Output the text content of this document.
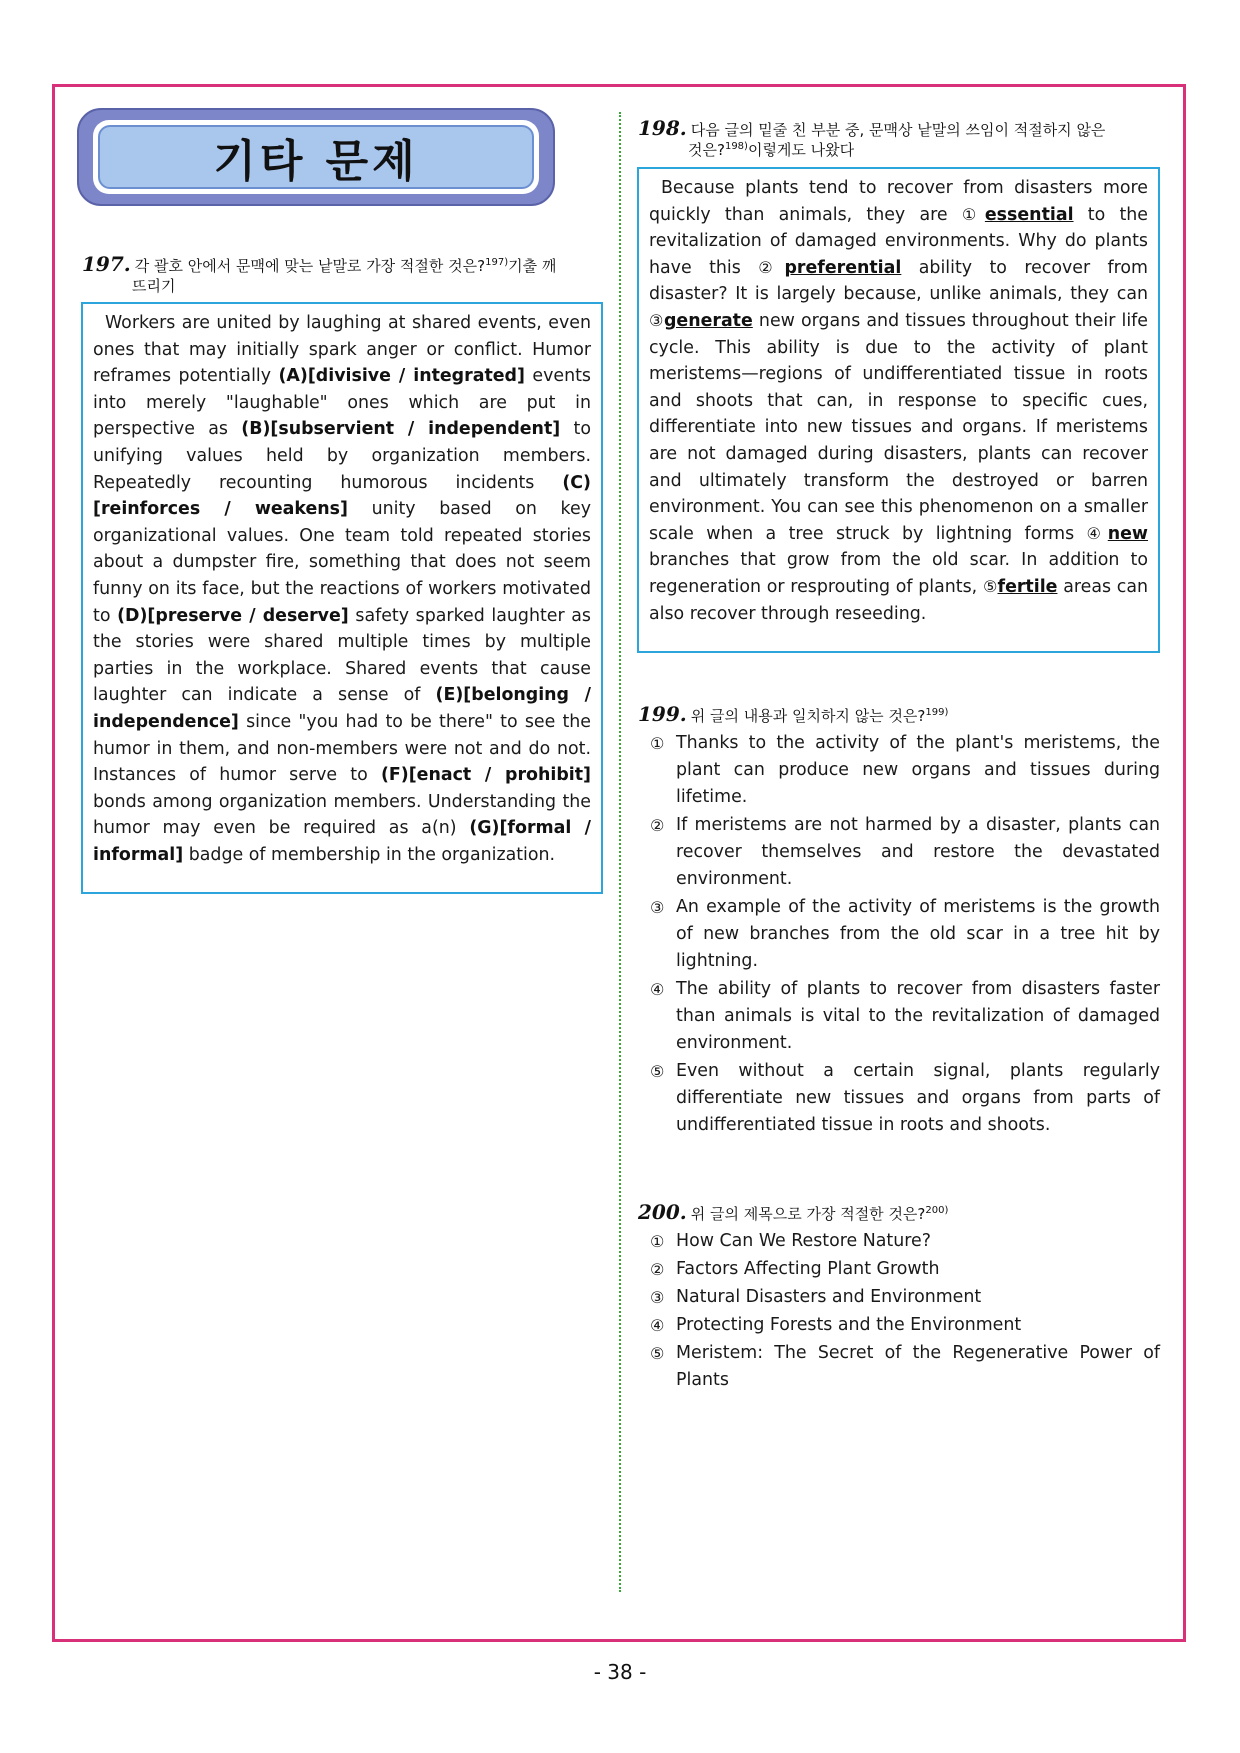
기타 문제
197. 각 괄호 안에서 문맥에 맞는 낱말로 가장 적절한 것은?$^{197)}$기출 깨
뜨리기

Workers are united by laughing at shared events, even ones that may initially spark anger or conflict. Humor reframes potentially (A)[divisive / integrated] events into merely "laughable" ones which are put in perspective as (B)[subservient / independent] to unifying values held by organization members. Repeatedly recounting humorous incidents (C)[reinforces / weakens] unity based on key organizational values. One team told repeated stories about a dumpster fire, something that does not seem funny on its face, but the reactions of workers motivated to (D)[preserve / deserve] safety sparked laughter as the stories were shared multiple times by multiple parties in the workplace. Shared events that cause laughter can indicate a sense of (E)[belonging / independence] since "you had to be there" to see the humor in them, and non-members were not and do not. Instances of humor serve to (F)[enact / prohibit] bonds among organization members. Understanding the humor may even be required as a(n) (G)[formal / informal] badge of membership in the organization.

198. 다음 글의 밑줄 친 부분 중, 문맥상 낱말의 쓰임이 적절하지 않은
것은?$^{198)}$이렇게도 나왔다

Because plants tend to recover from disasters more quickly than animals, they are ①essential to the revitalization of damaged environments. Why do plants have this ②preferential ability to recover from disaster? It is largely because, unlike animals, they can ③generate new organs and tissues throughout their life cycle. This ability is due to the activity of plant meristems—regions of undifferentiated tissue in roots and shoots that can, in response to specific cues, differentiate into new tissues and organs. If meristems are not damaged during disasters, plants can recover and ultimately transform the destroyed or barren environment. You can see this phenomenon on a smaller scale when a tree struck by lightning forms ④new branches that grow from the old scar. In addition to regeneration or resprouting of plants, ⑤fertile areas can also recover through reseeding.

199. 위 글의 내용과 일치하지 않는 것은?$^{199)}$
① Thanks to the activity of the plant's meristems, the plant can produce new organs and tissues during lifetime.
② If meristems are not harmed by a disaster, plants can recover themselves and restore the devastated environment.
③ An example of the activity of meristems is the growth of new branches from the old scar in a tree hit by lightning.
④ The ability of plants to recover from disasters faster than animals is vital to the revitalization of damaged environment.
⑤ Even without a certain signal, plants regularly differentiate new tissues and organs from parts of undifferentiated tissue in roots and shoots.
200. 위 글의 제목으로 가장 적절한 것은?$^{200)}$
① How Can We Restore Nature?
② Factors Affecting Plant Growth
③ Natural Disasters and Environment
④ Protecting Forests and the Environment
⑤ Meristem: The Secret of the Regenerative Power of Plants
- 38 -
